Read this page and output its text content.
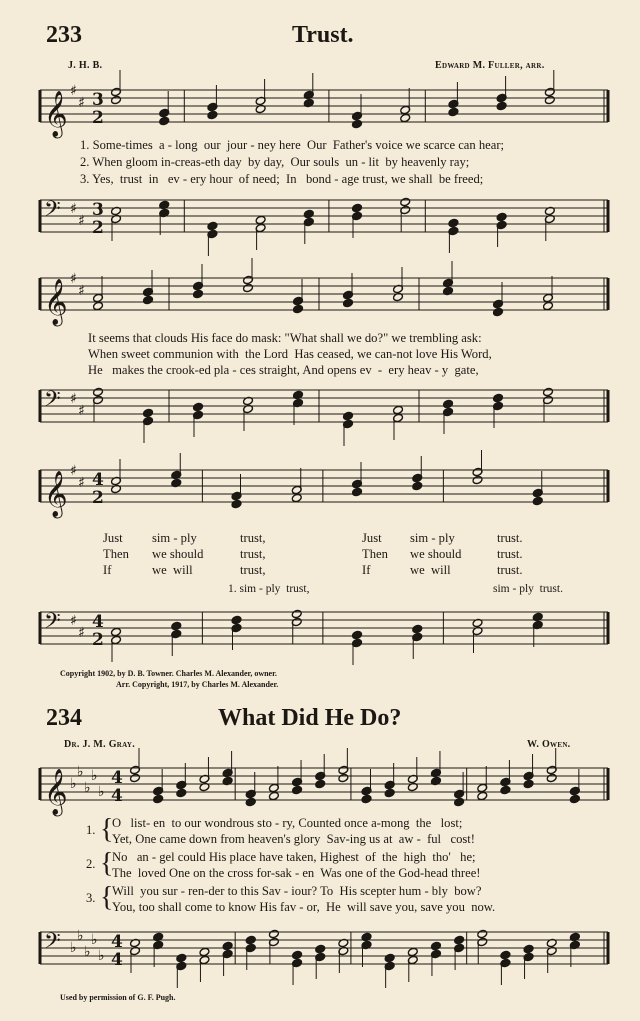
233	Trust.
J. H. B.	Edward M. Fuller, arr.
𝄞 ♯
♯ 3
2
1. Some-times  a - long  our  jour - ney here  Our  Father's voice we scarce can hear;
2. When gloom in-creas-eth day  by day,  Our souls  un - lit  by heavenly ray;
3. Yes,  trust  in   ev - ery hour  of need;  In   bond - age trust, we shall  be freed;
𝄢 ♯
♯
3
2
𝄞 ♯
♯
It seems that clouds His face do mask: "What shall we do?" we trembling ask:
When sweet communion with  the Lord  Has ceased, we can-not love His Word,
He   makes the crook-ed pla - ces straight, And opens ev  -  ery heav - y  gate,
𝄢 ♯
♯
𝄞 ♯
♯ 4
2
Just sim - ply	trust,	Just sim - ply	trust.
Then we should	trust,	Then we should	trust.
If	we  will	trust,	If	we  will	trust.
1. sim - ply  trust,	sim - ply  trust.
𝄢 ♯
♯
4
2
Copyright 1902, by D. B. Towner. Charles M. Alexander, owner.
Arr. Copyright, 1917, by Charles M. Alexander.
234	What Did He Do?
Dr. J. M. Gray.	W. Owen.
𝄞 ♭
♭
♭
♭
♭
4
4
1. {
O   list- en  to our wondrous sto - ry, Counted once a-mong  the   lost;
Yet, One came down from heaven's glory  Sav-ing us at  aw -  ful   cost!
2. {
No   an - gel could His place have taken, Highest  of  the  high  tho'   he;
The  loved One on the cross for-sak - en  Was one of the God-head three!
3. {
Will  you sur - ren-der to this Sav - iour? To  His scepter hum - bly  bow?
You, too shall come to know His fav - or,  He  will save you, save you  now.
𝄢 ♭
♭
♭
♭
♭
4
4
Used by permission of G. F. Pugh.
